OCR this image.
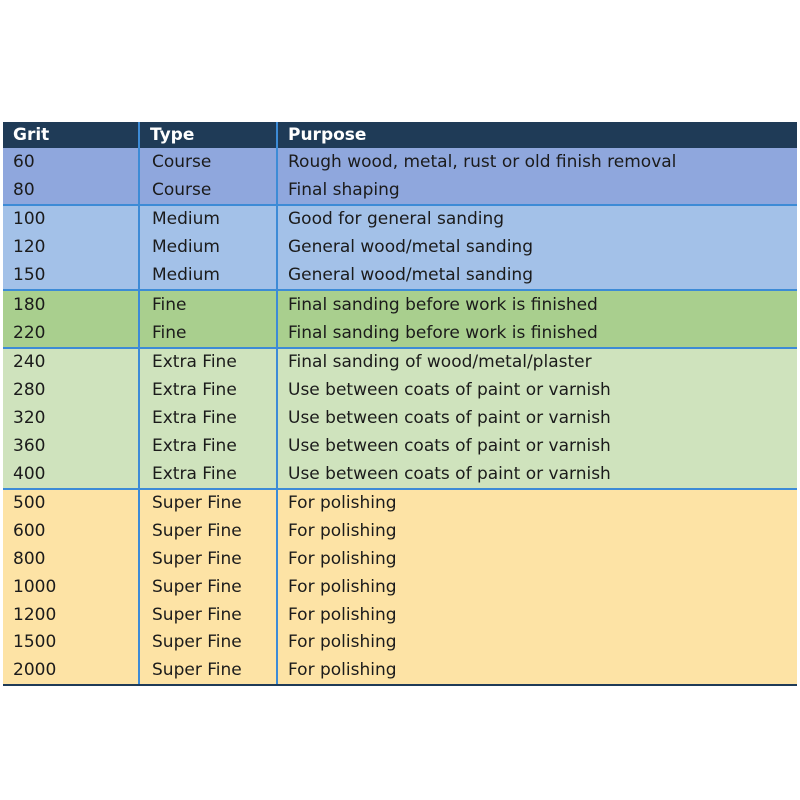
Grit	Type	Purpose
60	Course	Rough wood, metal, rust or old finish removal
80	Course	Final shaping
100	Medium	Good for general sanding
120	Medium	General wood/metal sanding
150	Medium	General wood/metal sanding
180	Fine	Final sanding before work is finished
220	Fine	Final sanding before work is finished
240	Extra Fine	Final sanding of wood/metal/plaster
280	Extra Fine	Use between coats of paint or varnish
320	Extra Fine	Use between coats of paint or varnish
360	Extra Fine	Use between coats of paint or varnish
400	Extra Fine	Use between coats of paint or varnish
500	Super Fine	For polishing
600	Super Fine	For polishing
800	Super Fine	For polishing
1000	Super Fine	For polishing
1200	Super Fine	For polishing
1500	Super Fine	For polishing
2000	Super Fine	For polishing
